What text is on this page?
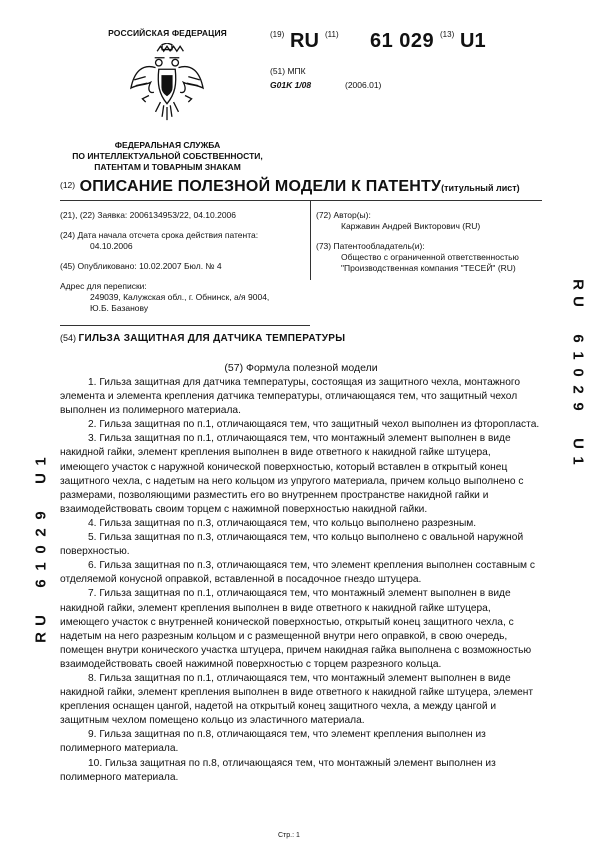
РОССИЙСКАЯ ФЕДЕРАЦИЯ
ФЕДЕРАЛЬНАЯ СЛУЖБА
ПО ИНТЕЛЛЕКТУАЛЬНОЙ СОБСТВЕННОСТИ,
ПАТЕНТАМ И ТОВАРНЫМ ЗНАКАМ
(19) RU (11) 61 029 (13) U1
(51) МПК
G01K 1/08	(2006.01)
(12) ОПИСАНИЕ ПОЛЕЗНОЙ МОДЕЛИ К ПАТЕНТУ(титульный лист)
(21), (22) Заявка: 2006134953/22, 04.10.2006
(24) Дата начала отсчета срока действия патента:
04.10.2006
(45) Опубликовано: 10.02.2007 Бюл. № 4
Адрес для переписки:
249039, Калужская обл., г. Обнинск, а/я 9004,
Ю.Б. Базанову
(72) Автор(ы):
Каржавин Андрей Викторович (RU)
(73) Патентообладатель(и):
Общество с ограниченной ответственностью
"Производственная компания "ТЕСЕЙ" (RU)
R
U
6
1
0
2
9
U
1
1
U
9
2
0
1
6
U
R
(54) ГИЛЬЗА ЗАЩИТНАЯ ДЛЯ ДАТЧИКА ТЕМПЕРАТУРЫ
(57) Формула полезной модели

1. Гильза защитная для датчика температуры, состоящая из защитного чехла, монтажного элемента и элемента крепления датчика температуры, отличающаяся тем, что защитный чехол выполнен из полимерного материала.

2. Гильза защитная по п.1, отличающаяся тем, что защитный чехол выполнен из фторопласта.

3. Гильза защитная по п.1, отличающаяся тем, что монтажный элемент выполнен в виде накидной гайки, элемент крепления выполнен в виде ответного к накидной гайке штуцера, имеющего участок с наружной конической поверхностью, который вставлен в открытый конец защитного чехла, с надетым на него кольцом из упругого материала, причем кольцо выполнено с размерами, позволяющими разместить его во внутреннем пространстве накидной гайки и взаимодействовать своим торцем с нажимной поверхностью накидной гайки.

4. Гильза защитная по п.3, отличающаяся тем, что кольцо выполнено разрезным.

5. Гильза защитная по п.3, отличающаяся тем, что кольцо выполнено с овальной наружной поверхностью.

6. Гильза защитная по п.3, отличающаяся тем, что элемент крепления выполнен составным с отделяемой конусной оправкой, вставленной в посадочное гнездо штуцера.

7. Гильза защитная по п.1, отличающаяся тем, что монтажный элемент выполнен в виде накидной гайки, элемент крепления выполнен в виде ответного к накидной гайке штуцера, имеющего участок с внутренней конической поверхностью, открытый конец защитного чехла, с надетым на него разрезным кольцом и с размещенной внутри него оправкой, в свою очередь, помещен внутри конического участка штуцера, причем накидная гайка выполнена с возможностью взаимодействовать своей нажимной поверхностью с торцем разрезного кольца.

8. Гильза защитная по п.1, отличающаяся тем, что монтажный элемент выполнен в виде накидной гайки, элемент крепления выполнен в виде ответного к накидной гайке штуцера, элемент крепления оснащен цангой, надетой на открытый конец защитного чехла, а между цангой и защитным чехлом помещено кольцо из эластичного материала.

9. Гильза защитная по п.8, отличающаяся тем, что элемент крепления выполнен из полимерного материала.

10. Гильза защитная по п.8, отличающаяся тем, что монтажный элемент выполнен из полимерного материала.

Стр.: 1
